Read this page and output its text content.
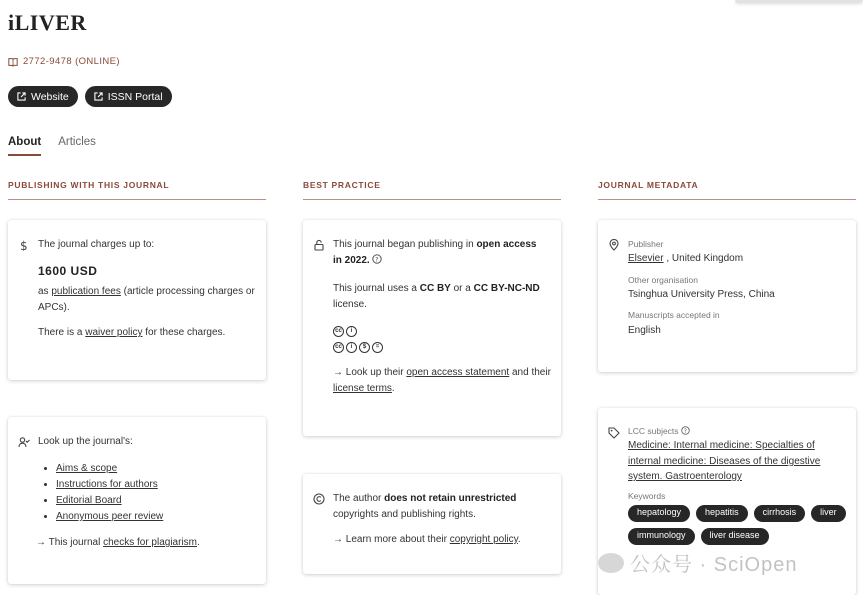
iLIVER
2772-9478 (ONLINE)
Website	ISSN Portal
About Articles
PUBLISHING WITH THIS JOURNAL	BEST PRACTICE	JOURNAL METADATA
$ The journal charges up to:
1600 USD
as publication fees (article processing charges or APCs).
There is a waiver policy for these charges.
Look up the journal's:
• Aims & scope
• Instructions for authors
• Editorial Board
• Anonymous peer review
→ This journal checks for plagiarism.
This journal began publishing in open access
in 2022. ?
This journal uses a CC BY or a CC BY-NC-ND
license.
cc	i

cc	i	$	=
→ Look up their open access statement and their license terms.
The author does not retain unrestricted
copyrights and publishing rights.
→ Learn more about their copyright policy.
Publisher
Elsevier , United Kingdom
Other organisation
Tsinghua University Press, China
Manuscripts accepted in
English
LCC subjects ?
Medicine: Internal medicine: Specialties of internal medicine: Diseases of the digestive system. Gastroenterology
Keywords
hepatology	hepatitis	cirrhosis	liver
immunology	liver disease
公众号 · SciOpen
